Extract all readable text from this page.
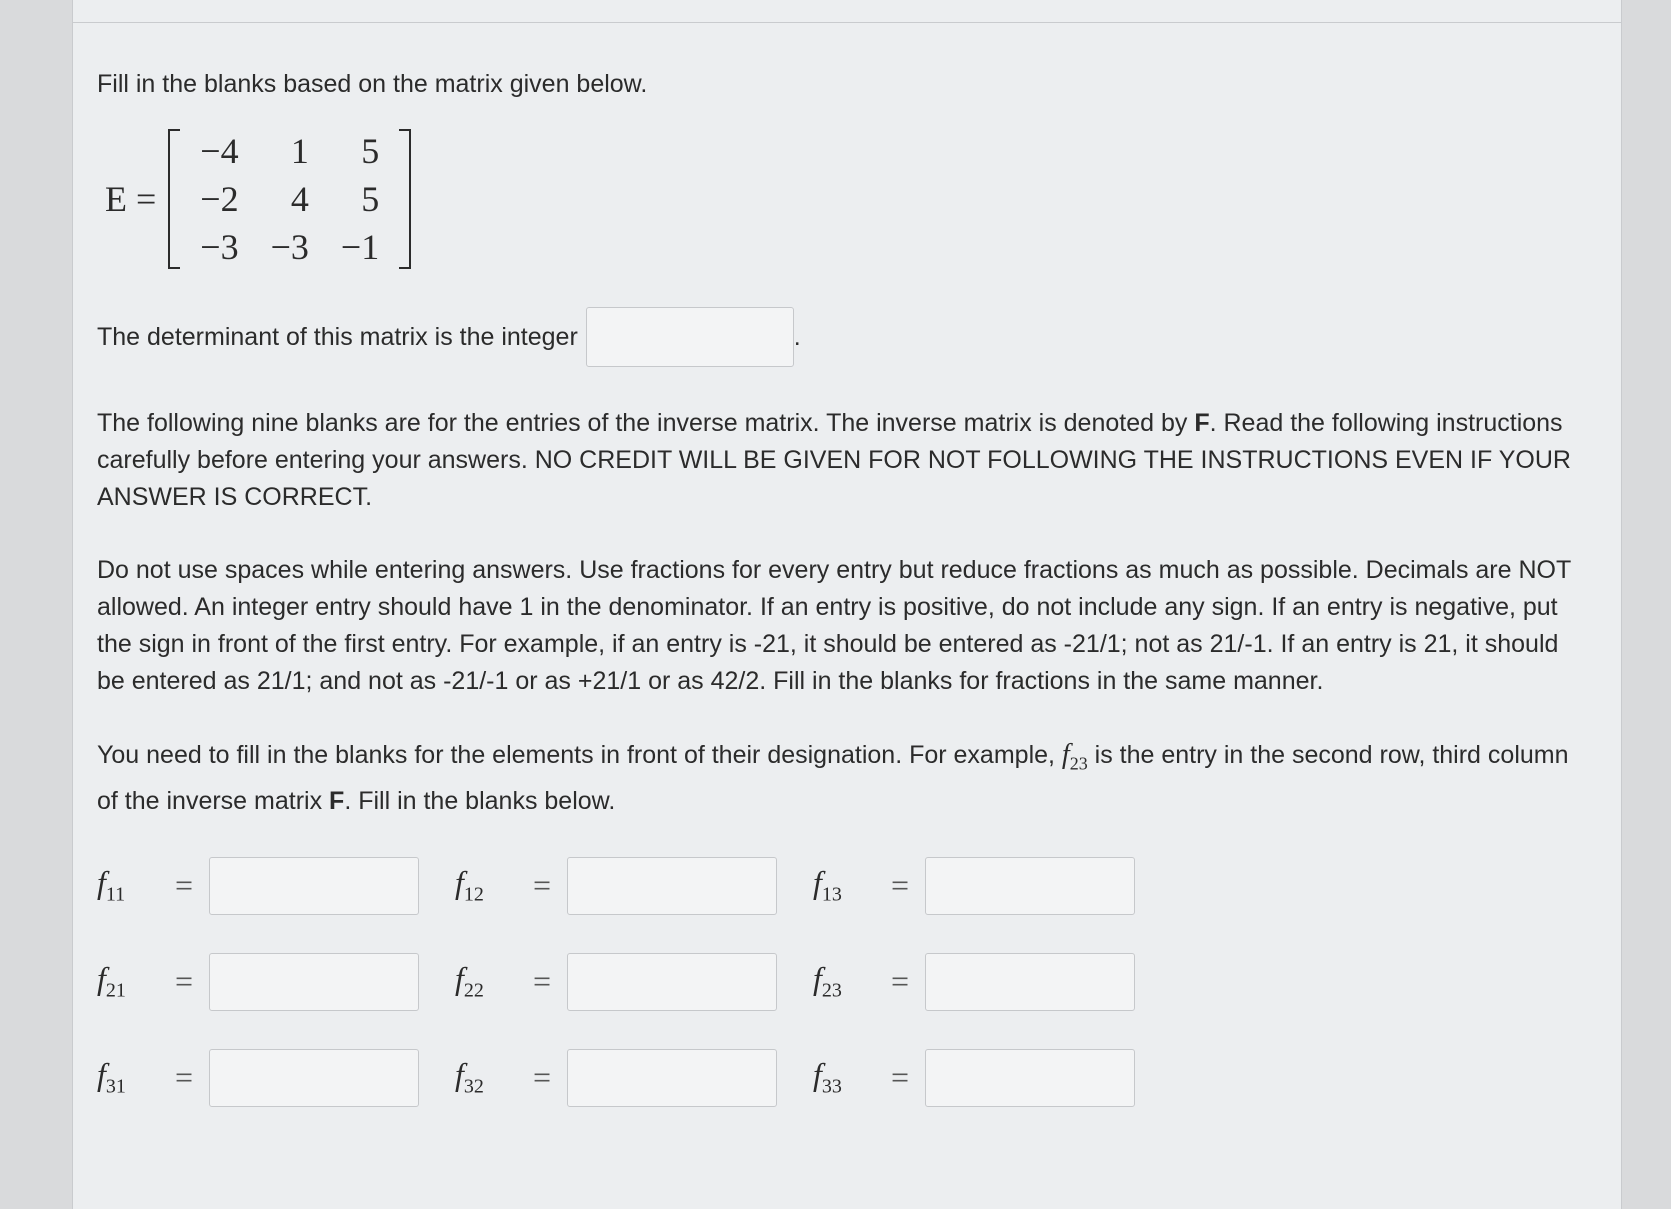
Fill in the blanks based on the matrix given below.

E =
−4	1	5
−2	4	5
−3	−3	−1
The determinant of this matrix is the integer	.

The following nine blanks are for the entries of the inverse matrix. The inverse matrix is denoted by F. Read the following instructions carefully before entering your answers. NO CREDIT WILL BE GIVEN FOR NOT FOLLOWING THE INSTRUCTIONS EVEN IF YOUR ANSWER IS CORRECT.

Do not use spaces while entering answers. Use fractions for every entry but reduce fractions as much as possible. Decimals are NOT allowed. An integer entry should have 1 in the denominator. If an entry is positive, do not include any sign. If an entry is negative, put the sign in front of the first entry. For example, if an entry is -21, it should be entered as -21/1; not as 21/-1. If an entry is 21, it should be entered as 21/1; and not as -21/-1 or as +21/1 or as 42/2. Fill in the blanks for fractions in the same manner.

You need to fill in the blanks for the elements in front of their designation. For example, $f_{23}$ is the entry in the second row, third column of the inverse matrix F. Fill in the blanks below.

$f_{11}$	=	$f_{12}$	=	$f_{13}$	=
$f_{21}$	=	$f_{22}$	=	$f_{23}$	=
$f_{31}$	=	$f_{32}$	=	$f_{33}$	=
